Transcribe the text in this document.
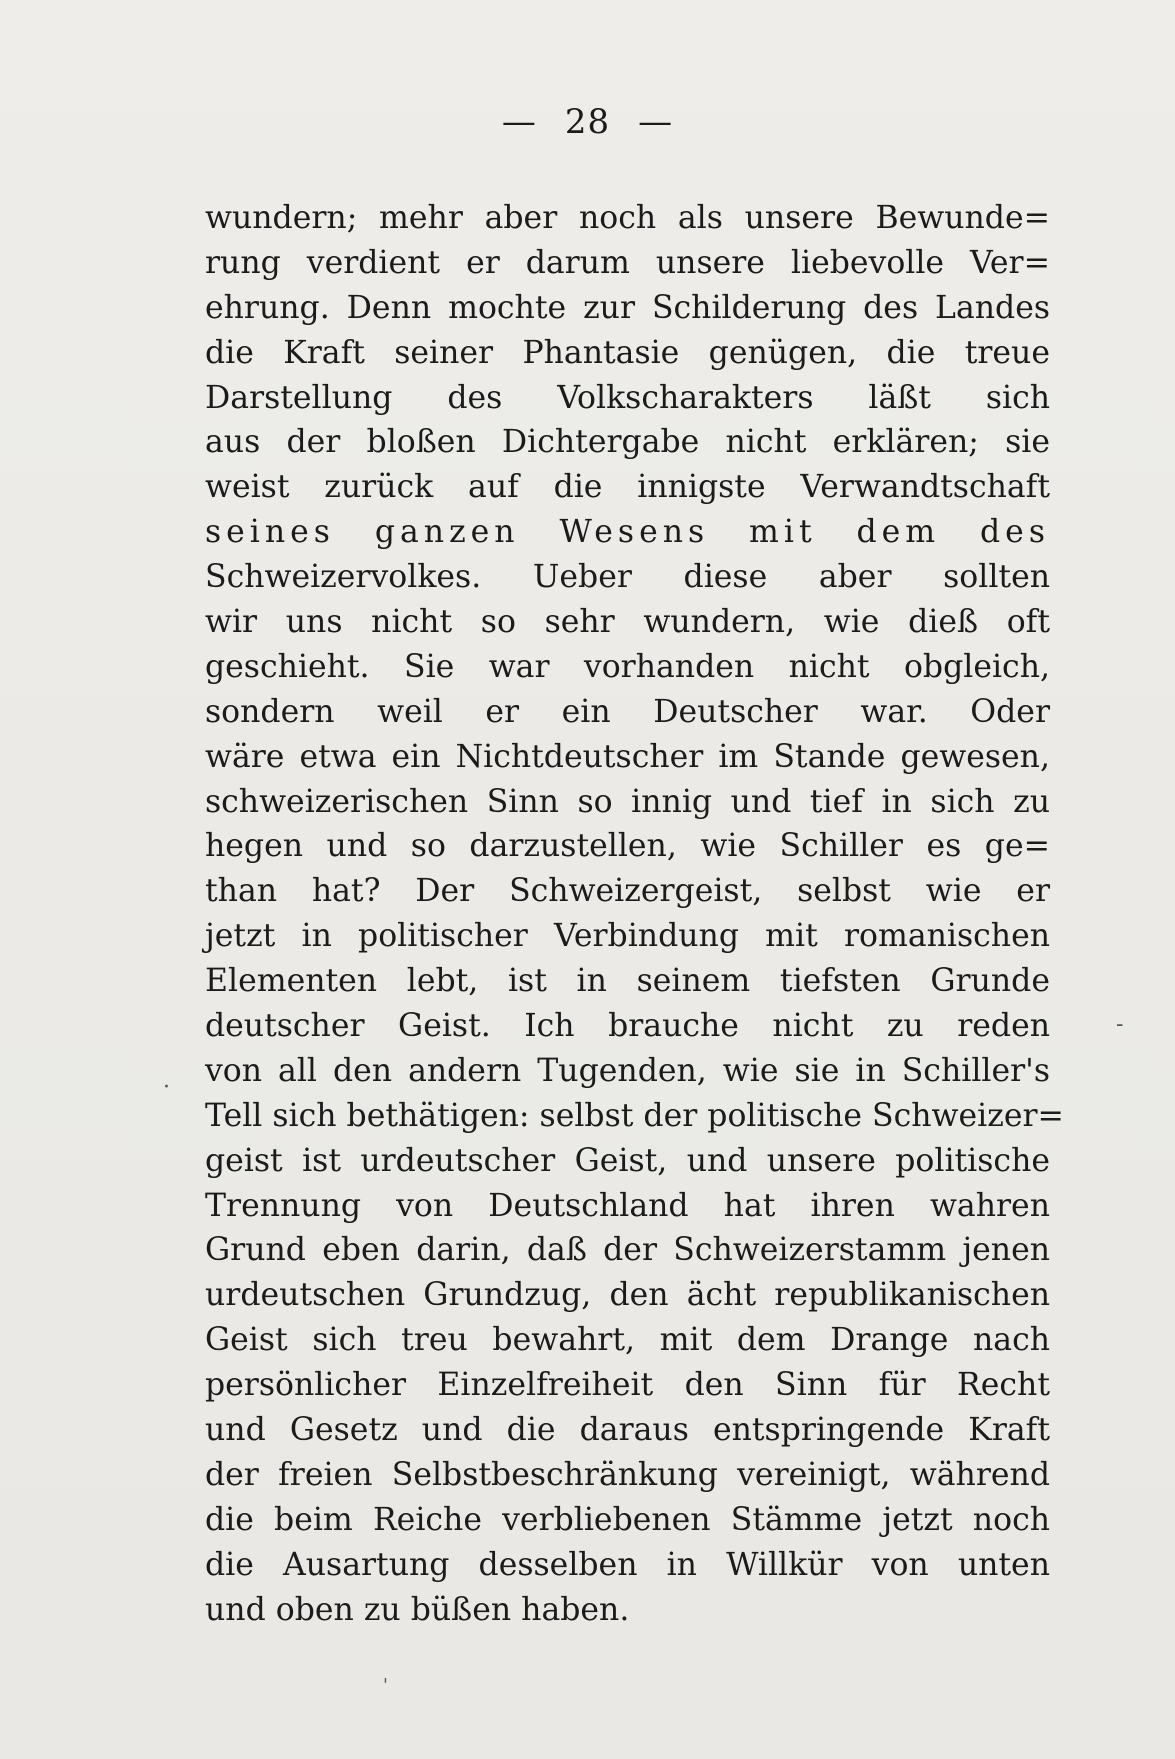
— 28 —
wundern; mehr aber noch als unsere Bewunde=
rung verdient er darum unsere liebevolle Ver=
ehrung. Denn mochte zur Schilderung des Landes
die Kraft seiner Phantasie genügen, die treue
Darstellung des Volkscharakters läßt sich
aus der bloßen Dichtergabe nicht erklären; sie
weist zurück auf die innigste Verwandtschaft
seines ganzen Wesens mit dem des
Schweizervolkes. Ueber diese aber sollten
wir uns nicht so sehr wundern, wie dieß oft
geschieht. Sie war vorhanden nicht obgleich,
sondern weil er ein Deutscher war. Oder
wäre etwa ein Nichtdeutscher im Stande gewesen,
schweizerischen Sinn so innig und tief in sich zu
hegen und so darzustellen, wie Schiller es ge=
than hat? Der Schweizergeist, selbst wie er
jetzt in politischer Verbindung mit romanischen
Elementen lebt, ist in seinem tiefsten Grunde
deutscher Geist. Ich brauche nicht zu reden
von all den andern Tugenden, wie sie in Schiller's
Tell sich bethätigen: selbst der politische Schweizer=
geist ist urdeutscher Geist, und unsere politische
Trennung von Deutschland hat ihren wahren
Grund eben darin, daß der Schweizerstamm jenen
urdeutschen Grundzug, den ächt republikanischen
Geist sich treu bewahrt, mit dem Drange nach
persönlicher Einzelfreiheit den Sinn für Recht
und Gesetz und die daraus entspringende Kraft
der freien Selbstbeschränkung vereinigt, während
die beim Reiche verbliebenen Stämme jetzt noch
die Ausartung desselben in Willkür von unten
und oben zu büßen haben.
-
·
'
